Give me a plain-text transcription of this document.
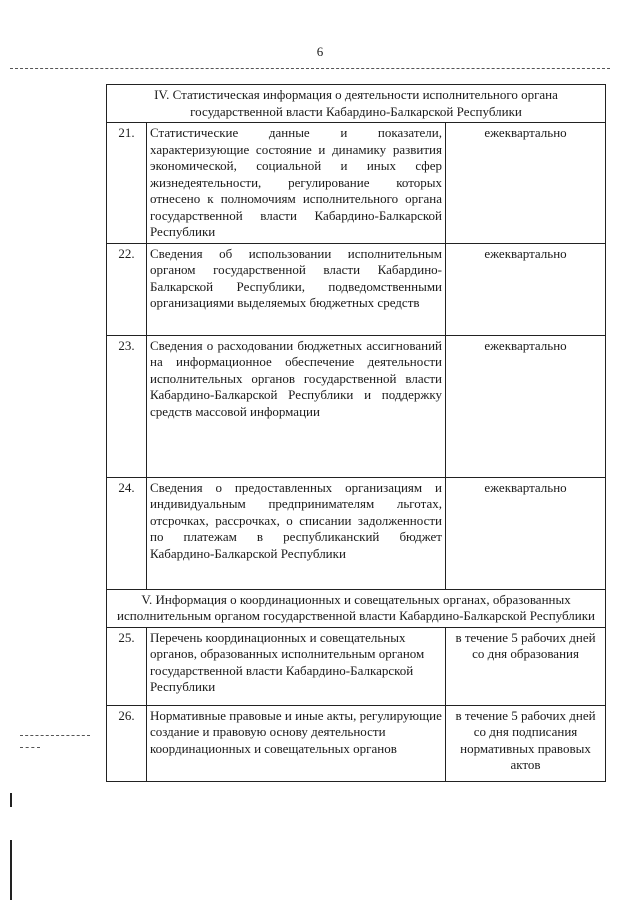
6
IV. Статистическая информация о деятельности исполнительного органа государственной власти Кабардино-Балкарской Республики		
21.	Статистические данные и показатели, характеризующие состояние и динамику развития экономической, социальной и иных сфер жизнедеятельности, регулирование которых отнесено к полномочиям исполнительного органа государственной власти Кабардино-Балкарской Республики	ежеквартально
22.	Сведения об использовании исполнительным органом государственной власти Кабардино-Балкарской Республики, подведомственными организациями выделяемых бюджетных средств	ежеквартально
23.	Сведения о расходовании бюджетных ассигнований на информационное обеспечение деятельности исполнительных органов государственной власти Кабардино-Балкарской Республики и поддержку средств массовой информации	ежеквартально
24.	Сведения о предоставленных организациям и индивидуальным предпринимателям льготах, отсрочках, рассрочках, о списании задолженности по платежам в республиканский бюджет Кабардино-Балкарской Республики	ежеквартально
V. Информация о координационных и совещательных органах, образованных исполнительным органом государственной власти Кабардино-Балкарской Республики		
25.	Перечень координационных и совещательных органов, образованных исполнительным органом государственной власти Кабардино-Балкарской Республики	в течение 5 рабочих дней со дня образования
26.	Нормативные правовые и иные акты, регулирующие создание и правовую основу деятельности координационных и совещательных органов	в течение 5 рабочих дней со дня подписания нормативных правовых актов
